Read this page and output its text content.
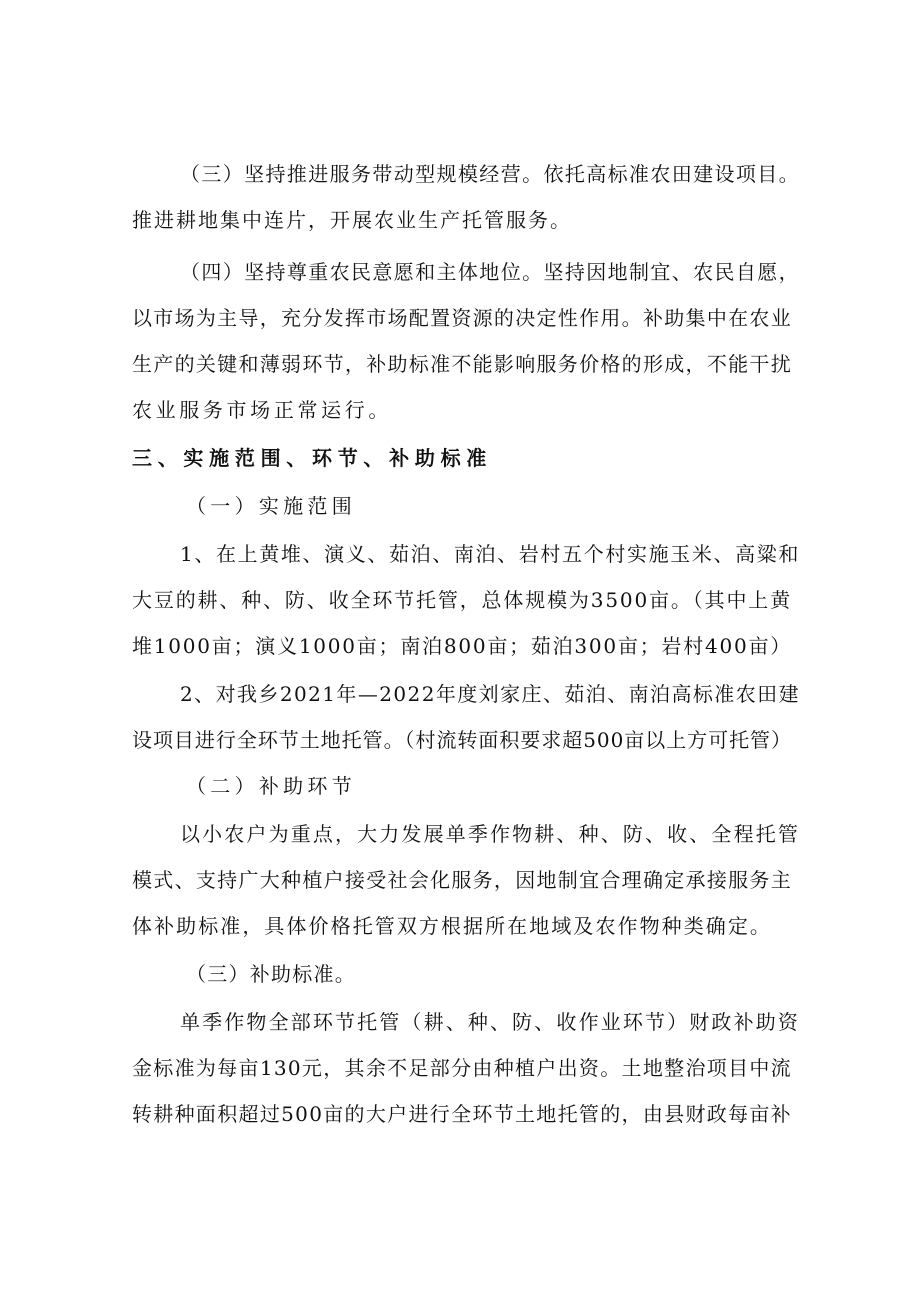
（三）坚持推进服务带动型规模经营。依托高标准农田建设项目。
推进耕地集中连片，开展农业生产托管服务。
（四）坚持尊重农民意愿和主体地位。坚持因地制宜、农民自愿，
以市场为主导，充分发挥市场配置资源的决定性作用。补助集中在农业
生产的关键和薄弱环节，补助标准不能影响服务价格的形成，不能干扰
农业服务市场正常运行。
三、实施范围、环节、补助标准
（一）实施范围
1、在上黄堆、演义、茹泊、南泊、岩村五个村实施玉米、高粱和
大豆的耕、种、防、收全环节托管，总体规模为3500亩。（其中上黄
堆1000亩；演义1000亩；南泊800亩；茹泊300亩；岩村400亩）
2、对我乡2021年—2022年度刘家庄、茹泊、南泊高标准农田建
设项目进行全环节土地托管。（村流转面积要求超500亩以上方可托管）
（二）补助环节
以小农户为重点，大力发展单季作物耕、种、防、收、全程托管
模式、支持广大种植户接受社会化服务，因地制宜合理确定承接服务主
体补助标准，具体价格托管双方根据所在地域及农作物种类确定。
（三）补助标准。
单季作物全部环节托管（耕、种、防、收作业环节）财政补助资
金标准为每亩130元，其余不足部分由种植户出资。土地整治项目中流
转耕种面积超过500亩的大户进行全环节土地托管的，由县财政每亩补
